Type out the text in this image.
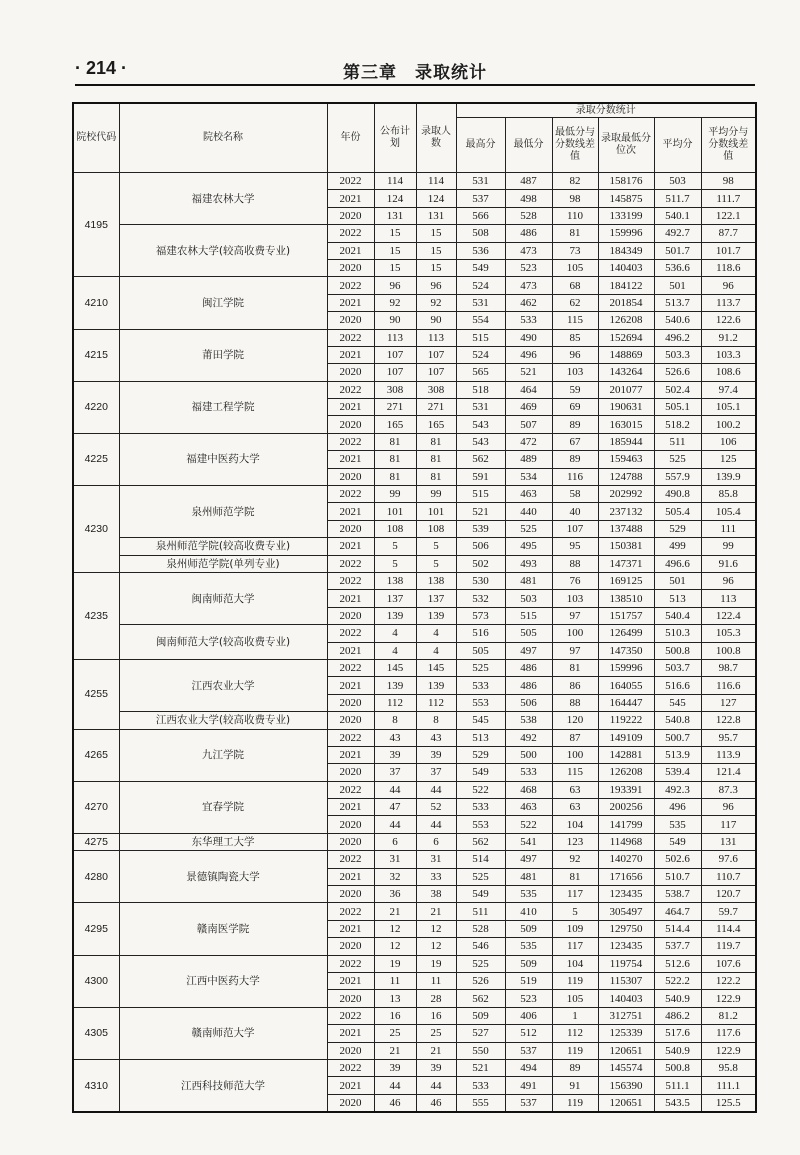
· 214 ·	第三章　录取统计
院校代码	院校名称	年份	公布计划	录取人数	录取分数统计					
					最高分	最低分	最低分与分数线差值	录取最低分位次	平均分	平均分与分数线差值
4195	福建农林大学	2022	114	114	531	487	82	158176	503	98
		2021	124	124	537	498	98	145875	511.7	111.7
		2020	131	131	566	528	110	133199	540.1	122.1
	福建农林大学(较高收费专业)	2022	15	15	508	486	81	159996	492.7	87.7
		2021	15	15	536	473	73	184349	501.7	101.7
		2020	15	15	549	523	105	140403	536.6	118.6
4210	闽江学院	2022	96	96	524	473	68	184122	501	96
		2021	92	92	531	462	62	201854	513.7	113.7
		2020	90	90	554	533	115	126208	540.6	122.6
4215	莆田学院	2022	113	113	515	490	85	152694	496.2	91.2
		2021	107	107	524	496	96	148869	503.3	103.3
		2020	107	107	565	521	103	143264	526.6	108.6
4220	福建工程学院	2022	308	308	518	464	59	201077	502.4	97.4
		2021	271	271	531	469	69	190631	505.1	105.1
		2020	165	165	543	507	89	163015	518.2	100.2
4225	福建中医药大学	2022	81	81	543	472	67	185944	511	106
		2021	81	81	562	489	89	159463	525	125
		2020	81	81	591	534	116	124788	557.9	139.9
4230	泉州师范学院	2022	99	99	515	463	58	202992	490.8	85.8
		2021	101	101	521	440	40	237132	505.4	105.4
		2020	108	108	539	525	107	137488	529	111
	泉州师范学院(较高收费专业)	2021	5	5	506	495	95	150381	499	99
	泉州师范学院(单列专业)	2022	5	5	502	493	88	147371	496.6	91.6
4235	闽南师范大学	2022	138	138	530	481	76	169125	501	96
		2021	137	137	532	503	103	138510	513	113
		2020	139	139	573	515	97	151757	540.4	122.4
	闽南师范大学(较高收费专业)	2022	4	4	516	505	100	126499	510.3	105.3
		2021	4	4	505	497	97	147350	500.8	100.8
4255	江西农业大学	2022	145	145	525	486	81	159996	503.7	98.7
		2021	139	139	533	486	86	164055	516.6	116.6
		2020	112	112	553	506	88	164447	545	127
	江西农业大学(较高收费专业)	2020	8	8	545	538	120	119222	540.8	122.8
4265	九江学院	2022	43	43	513	492	87	149109	500.7	95.7
		2021	39	39	529	500	100	142881	513.9	113.9
		2020	37	37	549	533	115	126208	539.4	121.4
4270	宜春学院	2022	44	44	522	468	63	193391	492.3	87.3
		2021	47	52	533	463	63	200256	496	96
		2020	44	44	553	522	104	141799	535	117
4275	东华理工大学	2020	6	6	562	541	123	114968	549	131
4280	景德镇陶瓷大学	2022	31	31	514	497	92	140270	502.6	97.6
		2021	32	33	525	481	81	171656	510.7	110.7
		2020	36	38	549	535	117	123435	538.7	120.7
4295	赣南医学院	2022	21	21	511	410	5	305497	464.7	59.7
		2021	12	12	528	509	109	129750	514.4	114.4
		2020	12	12	546	535	117	123435	537.7	119.7
4300	江西中医药大学	2022	19	19	525	509	104	119754	512.6	107.6
		2021	11	11	526	519	119	115307	522.2	122.2
		2020	13	28	562	523	105	140403	540.9	122.9
4305	赣南师范大学	2022	16	16	509	406	1	312751	486.2	81.2
		2021	25	25	527	512	112	125339	517.6	117.6
		2020	21	21	550	537	119	120651	540.9	122.9
4310	江西科技师范大学	2022	39	39	521	494	89	145574	500.8	95.8
		2021	44	44	533	491	91	156390	511.1	111.1
		2020	46	46	555	537	119	120651	543.5	125.5
